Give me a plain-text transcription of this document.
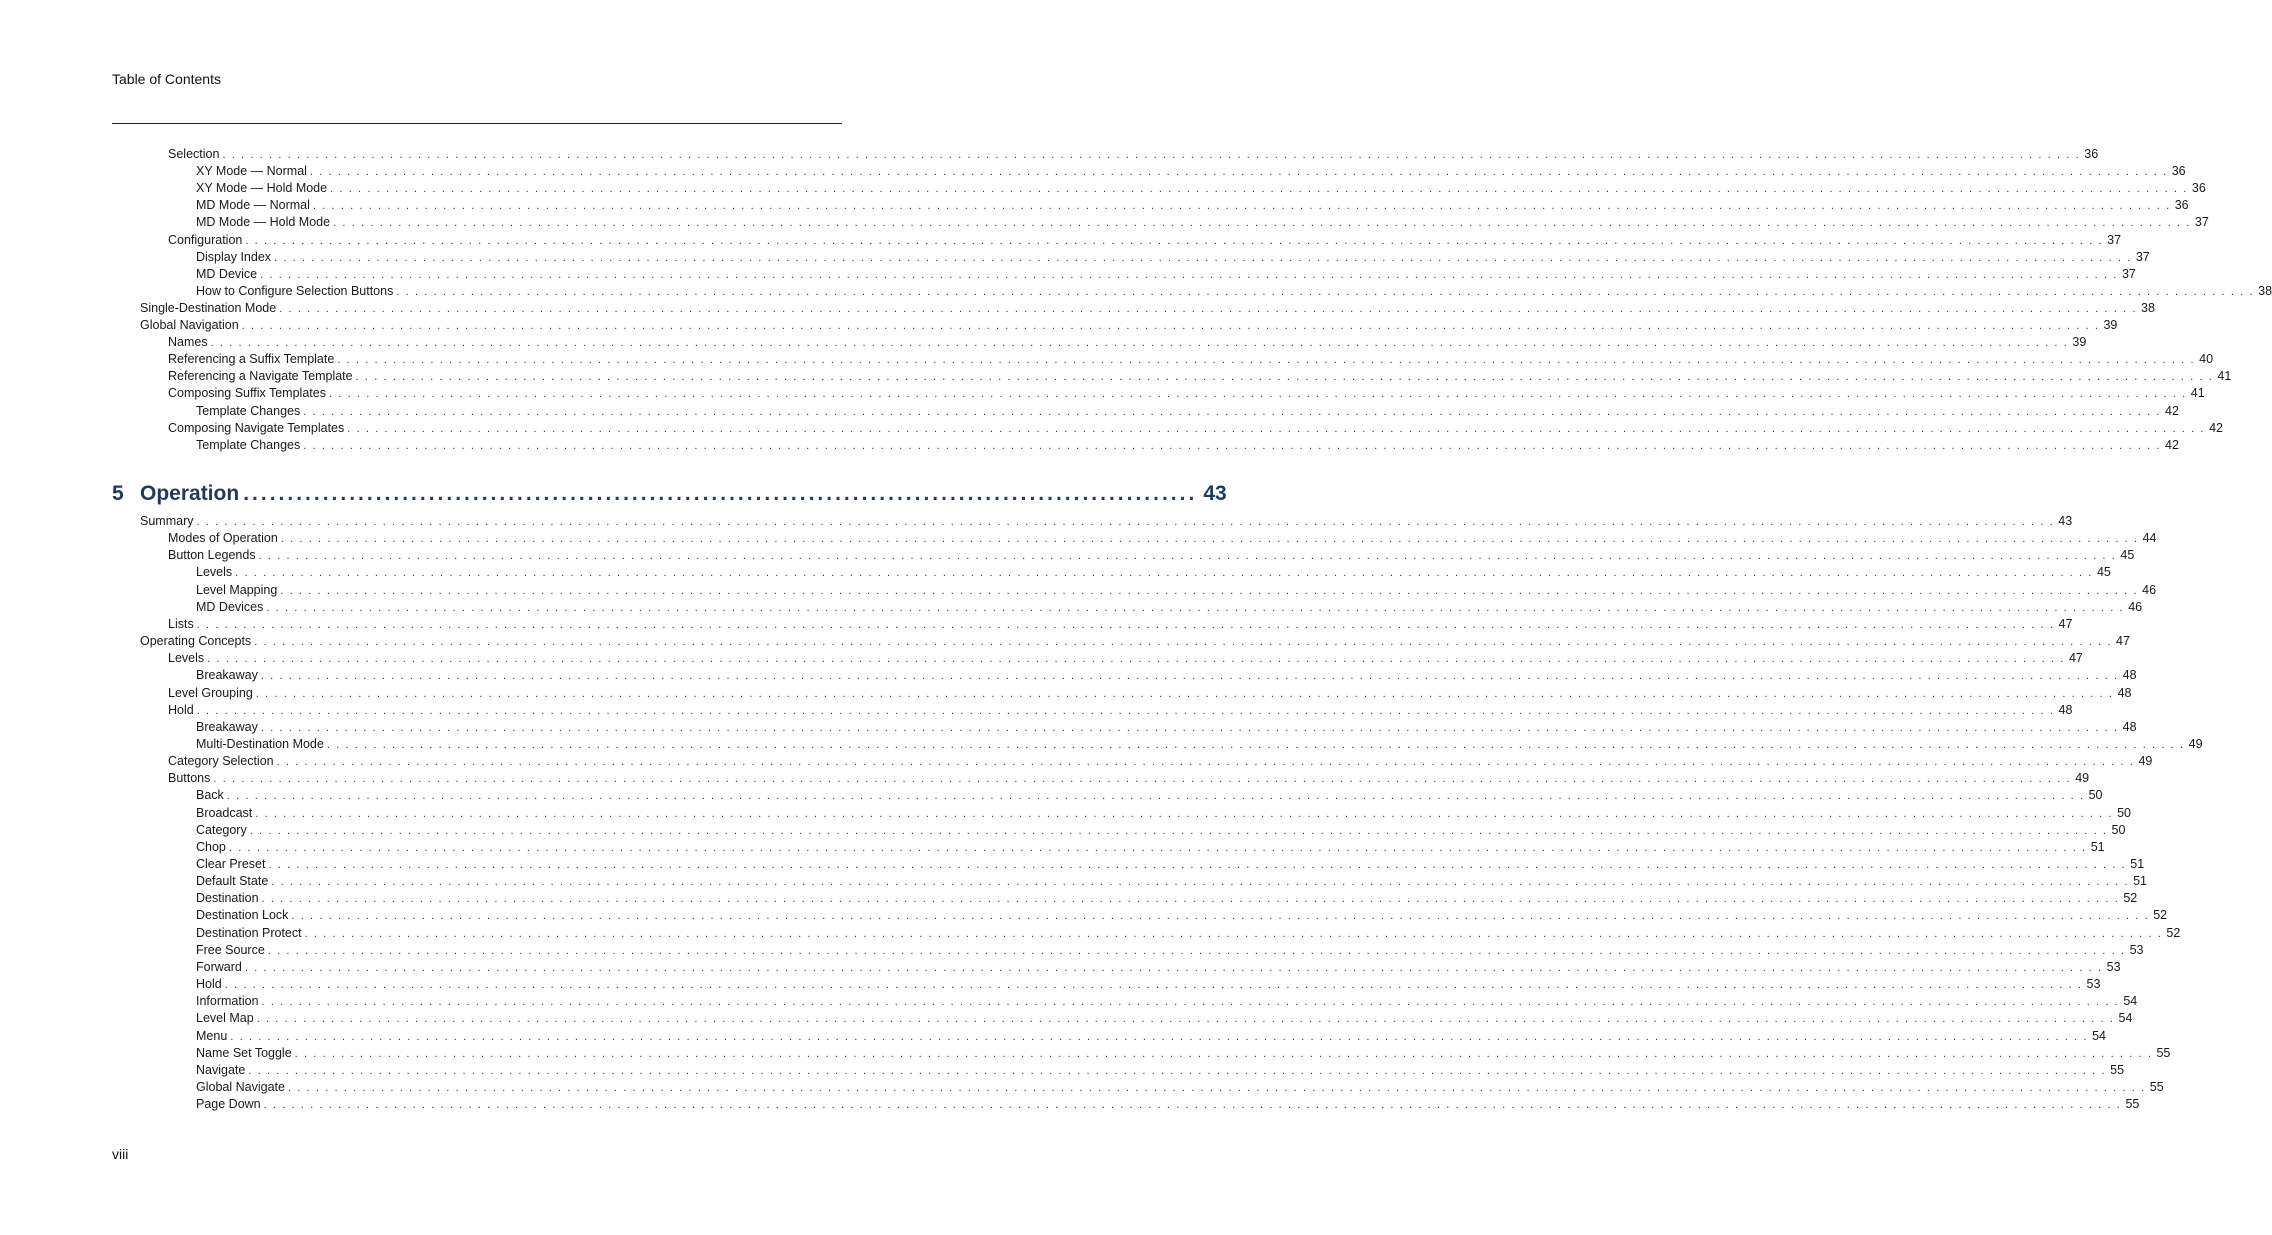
Table of Contents
Selection . . . . . . . . . . . . . . . . . . . . . . . . . . . . . . . . . . . . . . . . . . . . . . . . . . . . . . . . . . . . . . . . . . . . . . . . . . . . . . . . . . . . . . . . . . . . . . . . . . . . . . . . . . . . . . . . . . . . . . . . . . . . . . . . . . . . . . . . . . . . . . . . . . . . . . . . . . . . . . . . . . . . . . . . . . . . . . . . . . . . . . . . . . . . . . . . . . . . . . . . 36
XY Mode — Normal . . . . . . . . . . . . . . . . . . . . . . . . . . . . . . . . . . . . . . . . . . . . . . . . . . . . . . . . . . . . . . . . . . . . . . . . . . . . . . . . . . . . . . . . . . . . . . . . . . . . . . . . . . . . . . . . . . . . . . . . . . . . . . . . . . . . . . . . . . . . . . . . . . . . . . . . . . . . . . . . . . . . . . . . . . . . . . . . . . . . . . . . . . . . . . . . . . . . . . . . 36
XY Mode — Hold Mode . . . . . . . . . . . . . . . . . . . . . . . . . . . . . . . . . . . . . . . . . . . . . . . . . . . . . . . . . . . . . . . . . . . . . . . . . . . . . . . . . . . . . . . . . . . . . . . . . . . . . . . . . . . . . . . . . . . . . . . . . . . . . . . . . . . . . . . . . . . . . . . . . . . . . . . . . . . . . . . . . . . . . . . . . . . . . . . . . . . . . . . . . . . . . . . . . . . . . . . . 36
MD Mode — Normal . . . . . . . . . . . . . . . . . . . . . . . . . . . . . . . . . . . . . . . . . . . . . . . . . . . . . . . . . . . . . . . . . . . . . . . . . . . . . . . . . . . . . . . . . . . . . . . . . . . . . . . . . . . . . . . . . . . . . . . . . . . . . . . . . . . . . . . . . . . . . . . . . . . . . . . . . . . . . . . . . . . . . . . . . . . . . . . . . . . . . . . . . . . . . . . . . . . . . . . . 36
MD Mode — Hold Mode . . . . . . . . . . . . . . . . . . . . . . . . . . . . . . . . . . . . . . . . . . . . . . . . . . . . . . . . . . . . . . . . . . . . . . . . . . . . . . . . . . . . . . . . . . . . . . . . . . . . . . . . . . . . . . . . . . . . . . . . . . . . . . . . . . . . . . . . . . . . . . . . . . . . . . . . . . . . . . . . . . . . . . . . . . . . . . . . . . . . . . . . . . . . . . . . . . . . . . . . 37
Configuration . . . . . . . . . . . . . . . . . . . . . . . . . . . . . . . . . . . . . . . . . . . . . . . . . . . . . . . . . . . . . . . . . . . . . . . . . . . . . . . . . . . . . . . . . . . . . . . . . . . . . . . . . . . . . . . . . . . . . . . . . . . . . . . . . . . . . . . . . . . . . . . . . . . . . . . . . . . . . . . . . . . . . . . . . . . . . . . . . . . . . . . . . . . . . . . . . . . . . . . . 37
Display Index . . . . . . . . . . . . . . . . . . . . . . . . . . . . . . . . . . . . . . . . . . . . . . . . . . . . . . . . . . . . . . . . . . . . . . . . . . . . . . . . . . . . . . . . . . . . . . . . . . . . . . . . . . . . . . . . . . . . . . . . . . . . . . . . . . . . . . . . . . . . . . . . . . . . . . . . . . . . . . . . . . . . . . . . . . . . . . . . . . . . . . . . . . . . . . . . . . . . . . . . 37
MD Device . . . . . . . . . . . . . . . . . . . . . . . . . . . . . . . . . . . . . . . . . . . . . . . . . . . . . . . . . . . . . . . . . . . . . . . . . . . . . . . . . . . . . . . . . . . . . . . . . . . . . . . . . . . . . . . . . . . . . . . . . . . . . . . . . . . . . . . . . . . . . . . . . . . . . . . . . . . . . . . . . . . . . . . . . . . . . . . . . . . . . . . . . . . . . . . . . . . . . . . . 37
How to Configure Selection Buttons . . . . . . . . . . . . . . . . . . . . . . . . . . . . . . . . . . . . . . . . . . . . . . . . . . . . . . . . . . . . . . . . . . . . . . . . . . . . . . . . . . . . . . . . . . . . . . . . . . . . . . . . . . . . . . . . . . . . . . . . . . . . . . . . . . . . . . . . . . . . . . . . . . . . . . . . . . . . . . . . . . . . . . . . . . . . . . . . . . . . . . . . . . . . . . . . . . . . . . . . 38
Single-Destination Mode . . . . . . . . . . . . . . . . . . . . . . . . . . . . . . . . . . . . . . . . . . . . . . . . . . . . . . . . . . . . . . . . . . . . . . . . . . . . . . . . . . . . . . . . . . . . . . . . . . . . . . . . . . . . . . . . . . . . . . . . . . . . . . . . . . . . . . . . . . . . . . . . . . . . . . . . . . . . . . . . . . . . . . . . . . . . . . . . . . . . . . . . . . . . . . . . . . . . . . . . 38
Global Navigation . . . . . . . . . . . . . . . . . . . . . . . . . . . . . . . . . . . . . . . . . . . . . . . . . . . . . . . . . . . . . . . . . . . . . . . . . . . . . . . . . . . . . . . . . . . . . . . . . . . . . . . . . . . . . . . . . . . . . . . . . . . . . . . . . . . . . . . . . . . . . . . . . . . . . . . . . . . . . . . . . . . . . . . . . . . . . . . . . . . . . . . . . . . . . . . . . . . . . . . . 39
Names . . . . . . . . . . . . . . . . . . . . . . . . . . . . . . . . . . . . . . . . . . . . . . . . . . . . . . . . . . . . . . . . . . . . . . . . . . . . . . . . . . . . . . . . . . . . . . . . . . . . . . . . . . . . . . . . . . . . . . . . . . . . . . . . . . . . . . . . . . . . . . . . . . . . . . . . . . . . . . . . . . . . . . . . . . . . . . . . . . . . . . . . . . . . . . . . . . . . . . . . 39
Referencing a Suffix Template . . . . . . . . . . . . . . . . . . . . . . . . . . . . . . . . . . . . . . . . . . . . . . . . . . . . . . . . . . . . . . . . . . . . . . . . . . . . . . . . . . . . . . . . . . . . . . . . . . . . . . . . . . . . . . . . . . . . . . . . . . . . . . . . . . . . . . . . . . . . . . . . . . . . . . . . . . . . . . . . . . . . . . . . . . . . . . . . . . . . . . . . . . . . . . . . . . . . . . . . 40
Referencing a Navigate Template . . . . . . . . . . . . . . . . . . . . . . . . . . . . . . . . . . . . . . . . . . . . . . . . . . . . . . . . . . . . . . . . . . . . . . . . . . . . . . . . . . . . . . . . . . . . . . . . . . . . . . . . . . . . . . . . . . . . . . . . . . . . . . . . . . . . . . . . . . . . . . . . . . . . . . . . . . . . . . . . . . . . . . . . . . . . . . . . . . . . . . . . . . . . . . . . . . . . . . . . 41
Composing Suffix Templates . . . . . . . . . . . . . . . . . . . . . . . . . . . . . . . . . . . . . . . . . . . . . . . . . . . . . . . . . . . . . . . . . . . . . . . . . . . . . . . . . . . . . . . . . . . . . . . . . . . . . . . . . . . . . . . . . . . . . . . . . . . . . . . . . . . . . . . . . . . . . . . . . . . . . . . . . . . . . . . . . . . . . . . . . . . . . . . . . . . . . . . . . . . . . . . . . . . . . . . . 41
Template Changes . . . . . . . . . . . . . . . . . . . . . . . . . . . . . . . . . . . . . . . . . . . . . . . . . . . . . . . . . . . . . . . . . . . . . . . . . . . . . . . . . . . . . . . . . . . . . . . . . . . . . . . . . . . . . . . . . . . . . . . . . . . . . . . . . . . . . . . . . . . . . . . . . . . . . . . . . . . . . . . . . . . . . . . . . . . . . . . . . . . . . . . . . . . . . . . . . . . . . . . . 42
Composing Navigate Templates . . . . . . . . . . . . . . . . . . . . . . . . . . . . . . . . . . . . . . . . . . . . . . . . . . . . . . . . . . . . . . . . . . . . . . . . . . . . . . . . . . . . . . . . . . . . . . . . . . . . . . . . . . . . . . . . . . . . . . . . . . . . . . . . . . . . . . . . . . . . . . . . . . . . . . . . . . . . . . . . . . . . . . . . . . . . . . . . . . . . . . . . . . . . . . . . . . . . . . . . 42
Template Changes . . . . . . . . . . . . . . . . . . . . . . . . . . . . . . . . . . . . . . . . . . . . . . . . . . . . . . . . . . . . . . . . . . . . . . . . . . . . . . . . . . . . . . . . . . . . . . . . . . . . . . . . . . . . . . . . . . . . . . . . . . . . . . . . . . . . . . . . . . . . . . . . . . . . . . . . . . . . . . . . . . . . . . . . . . . . . . . . . . . . . . . . . . . . . . . . . . . . . . . . 42
Summary . . . . . . . . . . . . . . . . . . . . . . . . . . . . . . . . . . . . . . . . . . . . . . . . . . . . . . . . . . . . . . . . . . . . . . . . . . . . . . . . . . . . . . . . . . . . . . . . . . . . . . . . . . . . . . . . . . . . . . . . . . . . . . . . . . . . . . . . . . . . . . . . . . . . . . . . . . . . . . . . . . . . . . . . . . . . . . . . . . . . . . . . . . . . . . . . . . . . . . . . 43
Modes of Operation . . . . . . . . . . . . . . . . . . . . . . . . . . . . . . . . . . . . . . . . . . . . . . . . . . . . . . . . . . . . . . . . . . . . . . . . . . . . . . . . . . . . . . . . . . . . . . . . . . . . . . . . . . . . . . . . . . . . . . . . . . . . . . . . . . . . . . . . . . . . . . . . . . . . . . . . . . . . . . . . . . . . . . . . . . . . . . . . . . . . . . . . . . . . . . . . . . . . . . . . 44
Button Legends . . . . . . . . . . . . . . . . . . . . . . . . . . . . . . . . . . . . . . . . . . . . . . . . . . . . . . . . . . . . . . . . . . . . . . . . . . . . . . . . . . . . . . . . . . . . . . . . . . . . . . . . . . . . . . . . . . . . . . . . . . . . . . . . . . . . . . . . . . . . . . . . . . . . . . . . . . . . . . . . . . . . . . . . . . . . . . . . . . . . . . . . . . . . . . . . . . . . . . . . 45
Levels . . . . . . . . . . . . . . . . . . . . . . . . . . . . . . . . . . . . . . . . . . . . . . . . . . . . . . . . . . . . . . . . . . . . . . . . . . . . . . . . . . . . . . . . . . . . . . . . . . . . . . . . . . . . . . . . . . . . . . . . . . . . . . . . . . . . . . . . . . . . . . . . . . . . . . . . . . . . . . . . . . . . . . . . . . . . . . . . . . . . . . . . . . . . . . . . . . . . . . . . 45
Level Mapping . . . . . . . . . . . . . . . . . . . . . . . . . . . . . . . . . . . . . . . . . . . . . . . . . . . . . . . . . . . . . . . . . . . . . . . . . . . . . . . . . . . . . . . . . . . . . . . . . . . . . . . . . . . . . . . . . . . . . . . . . . . . . . . . . . . . . . . . . . . . . . . . . . . . . . . . . . . . . . . . . . . . . . . . . . . . . . . . . . . . . . . . . . . . . . . . . . . . . . . . 46
MD Devices . . . . . . . . . . . . . . . . . . . . . . . . . . . . . . . . . . . . . . . . . . . . . . . . . . . . . . . . . . . . . . . . . . . . . . . . . . . . . . . . . . . . . . . . . . . . . . . . . . . . . . . . . . . . . . . . . . . . . . . . . . . . . . . . . . . . . . . . . . . . . . . . . . . . . . . . . . . . . . . . . . . . . . . . . . . . . . . . . . . . . . . . . . . . . . . . . . . . . . . . 46
Lists . . . . . . . . . . . . . . . . . . . . . . . . . . . . . . . . . . . . . . . . . . . . . . . . . . . . . . . . . . . . . . . . . . . . . . . . . . . . . . . . . . . . . . . . . . . . . . . . . . . . . . . . . . . . . . . . . . . . . . . . . . . . . . . . . . . . . . . . . . . . . . . . . . . . . . . . . . . . . . . . . . . . . . . . . . . . . . . . . . . . . . . . . . . . . . . . . . . . . . . . 47
Operating Concepts . . . . . . . . . . . . . . . . . . . . . . . . . . . . . . . . . . . . . . . . . . . . . . . . . . . . . . . . . . . . . . . . . . . . . . . . . . . . . . . . . . . . . . . . . . . . . . . . . . . . . . . . . . . . . . . . . . . . . . . . . . . . . . . . . . . . . . . . . . . . . . . . . . . . . . . . . . . . . . . . . . . . . . . . . . . . . . . . . . . . . . . . . . . . . . . . . . . . . . . . 47
Levels . . . . . . . . . . . . . . . . . . . . . . . . . . . . . . . . . . . . . . . . . . . . . . . . . . . . . . . . . . . . . . . . . . . . . . . . . . . . . . . . . . . . . . . . . . . . . . . . . . . . . . . . . . . . . . . . . . . . . . . . . . . . . . . . . . . . . . . . . . . . . . . . . . . . . . . . . . . . . . . . . . . . . . . . . . . . . . . . . . . . . . . . . . . . . . . . . . . . . . . . 47
Breakaway . . . . . . . . . . . . . . . . . . . . . . . . . . . . . . . . . . . . . . . . . . . . . . . . . . . . . . . . . . . . . . . . . . . . . . . . . . . . . . . . . . . . . . . . . . . . . . . . . . . . . . . . . . . . . . . . . . . . . . . . . . . . . . . . . . . . . . . . . . . . . . . . . . . . . . . . . . . . . . . . . . . . . . . . . . . . . . . . . . . . . . . . . . . . . . . . . . . . . . . . 48
Level Grouping . . . . . . . . . . . . . . . . . . . . . . . . . . . . . . . . . . . . . . . . . . . . . . . . . . . . . . . . . . . . . . . . . . . . . . . . . . . . . . . . . . . . . . . . . . . . . . . . . . . . . . . . . . . . . . . . . . . . . . . . . . . . . . . . . . . . . . . . . . . . . . . . . . . . . . . . . . . . . . . . . . . . . . . . . . . . . . . . . . . . . . . . . . . . . . . . . . . . . . . . 48
Hold . . . . . . . . . . . . . . . . . . . . . . . . . . . . . . . . . . . . . . . . . . . . . . . . . . . . . . . . . . . . . . . . . . . . . . . . . . . . . . . . . . . . . . . . . . . . . . . . . . . . . . . . . . . . . . . . . . . . . . . . . . . . . . . . . . . . . . . . . . . . . . . . . . . . . . . . . . . . . . . . . . . . . . . . . . . . . . . . . . . . . . . . . . . . . . . . . . . . . . . . 48
Breakaway . . . . . . . . . . . . . . . . . . . . . . . . . . . . . . . . . . . . . . . . . . . . . . . . . . . . . . . . . . . . . . . . . . . . . . . . . . . . . . . . . . . . . . . . . . . . . . . . . . . . . . . . . . . . . . . . . . . . . . . . . . . . . . . . . . . . . . . . . . . . . . . . . . . . . . . . . . . . . . . . . . . . . . . . . . . . . . . . . . . . . . . . . . . . . . . . . . . . . . . . 48
Multi-Destination Mode . . . . . . . . . . . . . . . . . . . . . . . . . . . . . . . . . . . . . . . . . . . . . . . . . . . . . . . . . . . . . . . . . . . . . . . . . . . . . . . . . . . . . . . . . . . . . . . . . . . . . . . . . . . . . . . . . . . . . . . . . . . . . . . . . . . . . . . . . . . . . . . . . . . . . . . . . . . . . . . . . . . . . . . . . . . . . . . . . . . . . . . . . . . . . . . . . . . . . . . . 49
Category Selection . . . . . . . . . . . . . . . . . . . . . . . . . . . . . . . . . . . . . . . . . . . . . . . . . . . . . . . . . . . . . . . . . . . . . . . . . . . . . . . . . . . . . . . . . . . . . . . . . . . . . . . . . . . . . . . . . . . . . . . . . . . . . . . . . . . . . . . . . . . . . . . . . . . . . . . . . . . . . . . . . . . . . . . . . . . . . . . . . . . . . . . . . . . . . . . . . . . . . . . . 49
Buttons . . . . . . . . . . . . . . . . . . . . . . . . . . . . . . . . . . . . . . . . . . . . . . . . . . . . . . . . . . . . . . . . . . . . . . . . . . . . . . . . . . . . . . . . . . . . . . . . . . . . . . . . . . . . . . . . . . . . . . . . . . . . . . . . . . . . . . . . . . . . . . . . . . . . . . . . . . . . . . . . . . . . . . . . . . . . . . . . . . . . . . . . . . . . . . . . . . . . . . . . 49
Back . . . . . . . . . . . . . . . . . . . . . . . . . . . . . . . . . . . . . . . . . . . . . . . . . . . . . . . . . . . . . . . . . . . . . . . . . . . . . . . . . . . . . . . . . . . . . . . . . . . . . . . . . . . . . . . . . . . . . . . . . . . . . . . . . . . . . . . . . . . . . . . . . . . . . . . . . . . . . . . . . . . . . . . . . . . . . . . . . . . . . . . . . . . . . . . . . . . . . . . . 50
Broadcast . . . . . . . . . . . . . . . . . . . . . . . . . . . . . . . . . . . . . . . . . . . . . . . . . . . . . . . . . . . . . . . . . . . . . . . . . . . . . . . . . . . . . . . . . . . . . . . . . . . . . . . . . . . . . . . . . . . . . . . . . . . . . . . . . . . . . . . . . . . . . . . . . . . . . . . . . . . . . . . . . . . . . . . . . . . . . . . . . . . . . . . . . . . . . . . . . . . . . . . . 50
Category . . . . . . . . . . . . . . . . . . . . . . . . . . . . . . . . . . . . . . . . . . . . . . . . . . . . . . . . . . . . . . . . . . . . . . . . . . . . . . . . . . . . . . . . . . . . . . . . . . . . . . . . . . . . . . . . . . . . . . . . . . . . . . . . . . . . . . . . . . . . . . . . . . . . . . . . . . . . . . . . . . . . . . . . . . . . . . . . . . . . . . . . . . . . . . . . . . . . . . . . 50
Chop . . . . . . . . . . . . . . . . . . . . . . . . . . . . . . . . . . . . . . . . . . . . . . . . . . . . . . . . . . . . . . . . . . . . . . . . . . . . . . . . . . . . . . . . . . . . . . . . . . . . . . . . . . . . . . . . . . . . . . . . . . . . . . . . . . . . . . . . . . . . . . . . . . . . . . . . . . . . . . . . . . . . . . . . . . . . . . . . . . . . . . . . . . . . . . . . . . . . . . . . 51
Clear Preset . . . . . . . . . . . . . . . . . . . . . . . . . . . . . . . . . . . . . . . . . . . . . . . . . . . . . . . . . . . . . . . . . . . . . . . . . . . . . . . . . . . . . . . . . . . . . . . . . . . . . . . . . . . . . . . . . . . . . . . . . . . . . . . . . . . . . . . . . . . . . . . . . . . . . . . . . . . . . . . . . . . . . . . . . . . . . . . . . . . . . . . . . . . . . . . . . . . . . . . . 51
Default State . . . . . . . . . . . . . . . . . . . . . . . . . . . . . . . . . . . . . . . . . . . . . . . . . . . . . . . . . . . . . . . . . . . . . . . . . . . . . . . . . . . . . . . . . . . . . . . . . . . . . . . . . . . . . . . . . . . . . . . . . . . . . . . . . . . . . . . . . . . . . . . . . . . . . . . . . . . . . . . . . . . . . . . . . . . . . . . . . . . . . . . . . . . . . . . . . . . . . . . . 51
Destination . . . . . . . . . . . . . . . . . . . . . . . . . . . . . . . . . . . . . . . . . . . . . . . . . . . . . . . . . . . . . . . . . . . . . . . . . . . . . . . . . . . . . . . . . . . . . . . . . . . . . . . . . . . . . . . . . . . . . . . . . . . . . . . . . . . . . . . . . . . . . . . . . . . . . . . . . . . . . . . . . . . . . . . . . . . . . . . . . . . . . . . . . . . . . . . . . . . . . . . . 52
Destination Lock . . . . . . . . . . . . . . . . . . . . . . . . . . . . . . . . . . . . . . . . . . . . . . . . . . . . . . . . . . . . . . . . . . . . . . . . . . . . . . . . . . . . . . . . . . . . . . . . . . . . . . . . . . . . . . . . . . . . . . . . . . . . . . . . . . . . . . . . . . . . . . . . . . . . . . . . . . . . . . . . . . . . . . . . . . . . . . . . . . . . . . . . . . . . . . . . . . . . . . . . 52
Destination Protect . . . . . . . . . . . . . . . . . . . . . . . . . . . . . . . . . . . . . . . . . . . . . . . . . . . . . . . . . . . . . . . . . . . . . . . . . . . . . . . . . . . . . . . . . . . . . . . . . . . . . . . . . . . . . . . . . . . . . . . . . . . . . . . . . . . . . . . . . . . . . . . . . . . . . . . . . . . . . . . . . . . . . . . . . . . . . . . . . . . . . . . . . . . . . . . . . . . . . . . . 52
Free Source . . . . . . . . . . . . . . . . . . . . . . . . . . . . . . . . . . . . . . . . . . . . . . . . . . . . . . . . . . . . . . . . . . . . . . . . . . . . . . . . . . . . . . . . . . . . . . . . . . . . . . . . . . . . . . . . . . . . . . . . . . . . . . . . . . . . . . . . . . . . . . . . . . . . . . . . . . . . . . . . . . . . . . . . . . . . . . . . . . . . . . . . . . . . . . . . . . . . . . . . 53
Forward . . . . . . . . . . . . . . . . . . . . . . . . . . . . . . . . . . . . . . . . . . . . . . . . . . . . . . . . . . . . . . . . . . . . . . . . . . . . . . . . . . . . . . . . . . . . . . . . . . . . . . . . . . . . . . . . . . . . . . . . . . . . . . . . . . . . . . . . . . . . . . . . . . . . . . . . . . . . . . . . . . . . . . . . . . . . . . . . . . . . . . . . . . . . . . . . . . . . . . . . 53
Hold . . . . . . . . . . . . . . . . . . . . . . . . . . . . . . . . . . . . . . . . . . . . . . . . . . . . . . . . . . . . . . . . . . . . . . . . . . . . . . . . . . . . . . . . . . . . . . . . . . . . . . . . . . . . . . . . . . . . . . . . . . . . . . . . . . . . . . . . . . . . . . . . . . . . . . . . . . . . . . . . . . . . . . . . . . . . . . . . . . . . . . . . . . . . . . . . . . . . . . . . 53
Information . . . . . . . . . . . . . . . . . . . . . . . . . . . . . . . . . . . . . . . . . . . . . . . . . . . . . . . . . . . . . . . . . . . . . . . . . . . . . . . . . . . . . . . . . . . . . . . . . . . . . . . . . . . . . . . . . . . . . . . . . . . . . . . . . . . . . . . . . . . . . . . . . . . . . . . . . . . . . . . . . . . . . . . . . . . . . . . . . . . . . . . . . . . . . . . . . . . . . . . . 54
Level Map . . . . . . . . . . . . . . . . . . . . . . . . . . . . . . . . . . . . . . . . . . . . . . . . . . . . . . . . . . . . . . . . . . . . . . . . . . . . . . . . . . . . . . . . . . . . . . . . . . . . . . . . . . . . . . . . . . . . . . . . . . . . . . . . . . . . . . . . . . . . . . . . . . . . . . . . . . . . . . . . . . . . . . . . . . . . . . . . . . . . . . . . . . . . . . . . . . . . . . . . 54
Menu . . . . . . . . . . . . . . . . . . . . . . . . . . . . . . . . . . . . . . . . . . . . . . . . . . . . . . . . . . . . . . . . . . . . . . . . . . . . . . . . . . . . . . . . . . . . . . . . . . . . . . . . . . . . . . . . . . . . . . . . . . . . . . . . . . . . . . . . . . . . . . . . . . . . . . . . . . . . . . . . . . . . . . . . . . . . . . . . . . . . . . . . . . . . . . . . . . . . . . . . 54
Name Set Toggle . . . . . . . . . . . . . . . . . . . . . . . . . . . . . . . . . . . . . . . . . . . . . . . . . . . . . . . . . . . . . . . . . . . . . . . . . . . . . . . . . . . . . . . . . . . . . . . . . . . . . . . . . . . . . . . . . . . . . . . . . . . . . . . . . . . . . . . . . . . . . . . . . . . . . . . . . . . . . . . . . . . . . . . . . . . . . . . . . . . . . . . . . . . . . . . . . . . . . . . . 55
Navigate . . . . . . . . . . . . . . . . . . . . . . . . . . . . . . . . . . . . . . . . . . . . . . . . . . . . . . . . . . . . . . . . . . . . . . . . . . . . . . . . . . . . . . . . . . . . . . . . . . . . . . . . . . . . . . . . . . . . . . . . . . . . . . . . . . . . . . . . . . . . . . . . . . . . . . . . . . . . . . . . . . . . . . . . . . . . . . . . . . . . . . . . . . . . . . . . . . . . . . . . 55
Global Navigate . . . . . . . . . . . . . . . . . . . . . . . . . . . . . . . . . . . . . . . . . . . . . . . . . . . . . . . . . . . . . . . . . . . . . . . . . . . . . . . . . . . . . . . . . . . . . . . . . . . . . . . . . . . . . . . . . . . . . . . . . . . . . . . . . . . . . . . . . . . . . . . . . . . . . . . . . . . . . . . . . . . . . . . . . . . . . . . . . . . . . . . . . . . . . . . . . . . . . . . . 55
Page Down . . . . . . . . . . . . . . . . . . . . . . . . . . . . . . . . . . . . . . . . . . . . . . . . . . . . . . . . . . . . . . . . . . . . . . . . . . . . . . . . . . . . . . . . . . . . . . . . . . . . . . . . . . . . . . . . . . . . . . . . . . . . . . . . . . . . . . . . . . . . . . . . . . . . . . . . . . . . . . . . . . . . . . . . . . . . . . . . . . . . . . . . . . . . . . . . . . . . . . . . 55
5 Operation ............................................................................................................ 43
viii
